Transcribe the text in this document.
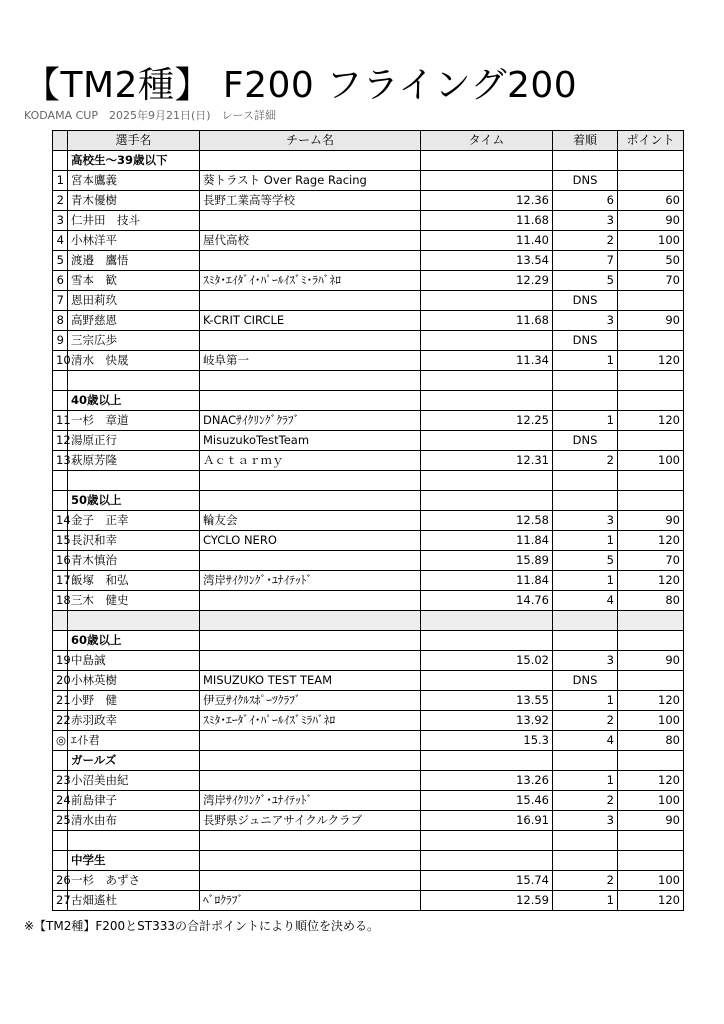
【TM2種】 F200 フライング200
KODAMA CUP　2025年9月21日(日)　レース詳細
	選手名	チーム名	タイム	着順	ポイント
	高校生～39歳以下				
1	宮本鷹義	葵トラスト Over Rage Racing		DNS	
2	青木優樹	長野工業高等学校	12.36	6	60
3	仁井田　技斗		11.68	3	90
4	小林洋平	屋代高校	11.40	2	100
5	渡邉　鷹悟		13.54	7	50
6	雪本　歓	ｽﾐﾀ･ｴｲﾀﾞｲ･ﾊﾟｰﾙｲｽﾞﾐ･ﾗﾊﾞﾈﾛ	12.29	5	70
7	恩田莉玖			DNS	
8	高野慈恩	K-CRIT CIRCLE	11.68	3	90
9	三宗広歩			DNS	
10	清水　快晟	岐阜第一	11.34	1	120

	40歳以上				
11	一杉　章道	DNACｻｲｸﾘﾝｸﾞｸﾗﾌﾞ	12.25	1	120
12	湯原正行	MisuzukoTestTeam		DNS	
13	萩原芳隆	Ａｃｔａｒｍｙ	12.31	2	100

	50歳以上				
14	金子　正幸	輪友会	12.58	3	90
15	長沢和幸	CYCLO NERO	11.84	1	120
16	青木慎治		15.89	5	70
17	飯塚　和弘	湾岸ｻｲｸﾘﾝｸﾞ･ﾕﾅｲﾃｯﾄﾞ	11.84	1	120
18	三木　健史		14.76	4	80

	60歳以上				
19	中島誠		15.02	3	90
20	小林英樹	MISUZUKO TEST TEAM		DNS	
21	小野　健	伊豆ｻｲｸﾙｽﾎﾟｰﾂｸﾗﾌﾞ	13.55	1	120
22	赤羽政幸	ｽﾐﾀ･ｴｰﾀﾞｲ･ﾊﾟｰﾙｲｽﾞﾐﾗﾊﾞﾈﾛ	13.92	2	100
◎	ｴｲﾄ君		15.3	4	80
	ガールズ				
23	小沼美由紀		13.26	1	120
24	前島律子	湾岸ｻｲｸﾘﾝｸﾞ･ﾕﾅｲﾃｯﾄﾞ	15.46	2	100
25	清水由布	長野県ジュニアサイクルクラブ	16.91	3	90

	中学生				
26	一杉　あずさ		15.74	2	100
27	古畑遙杜	ﾍﾞﾛｸﾗﾌﾞ	12.59	1	120
※【TM2種】F200とST333の合計ポイントにより順位を決める。
